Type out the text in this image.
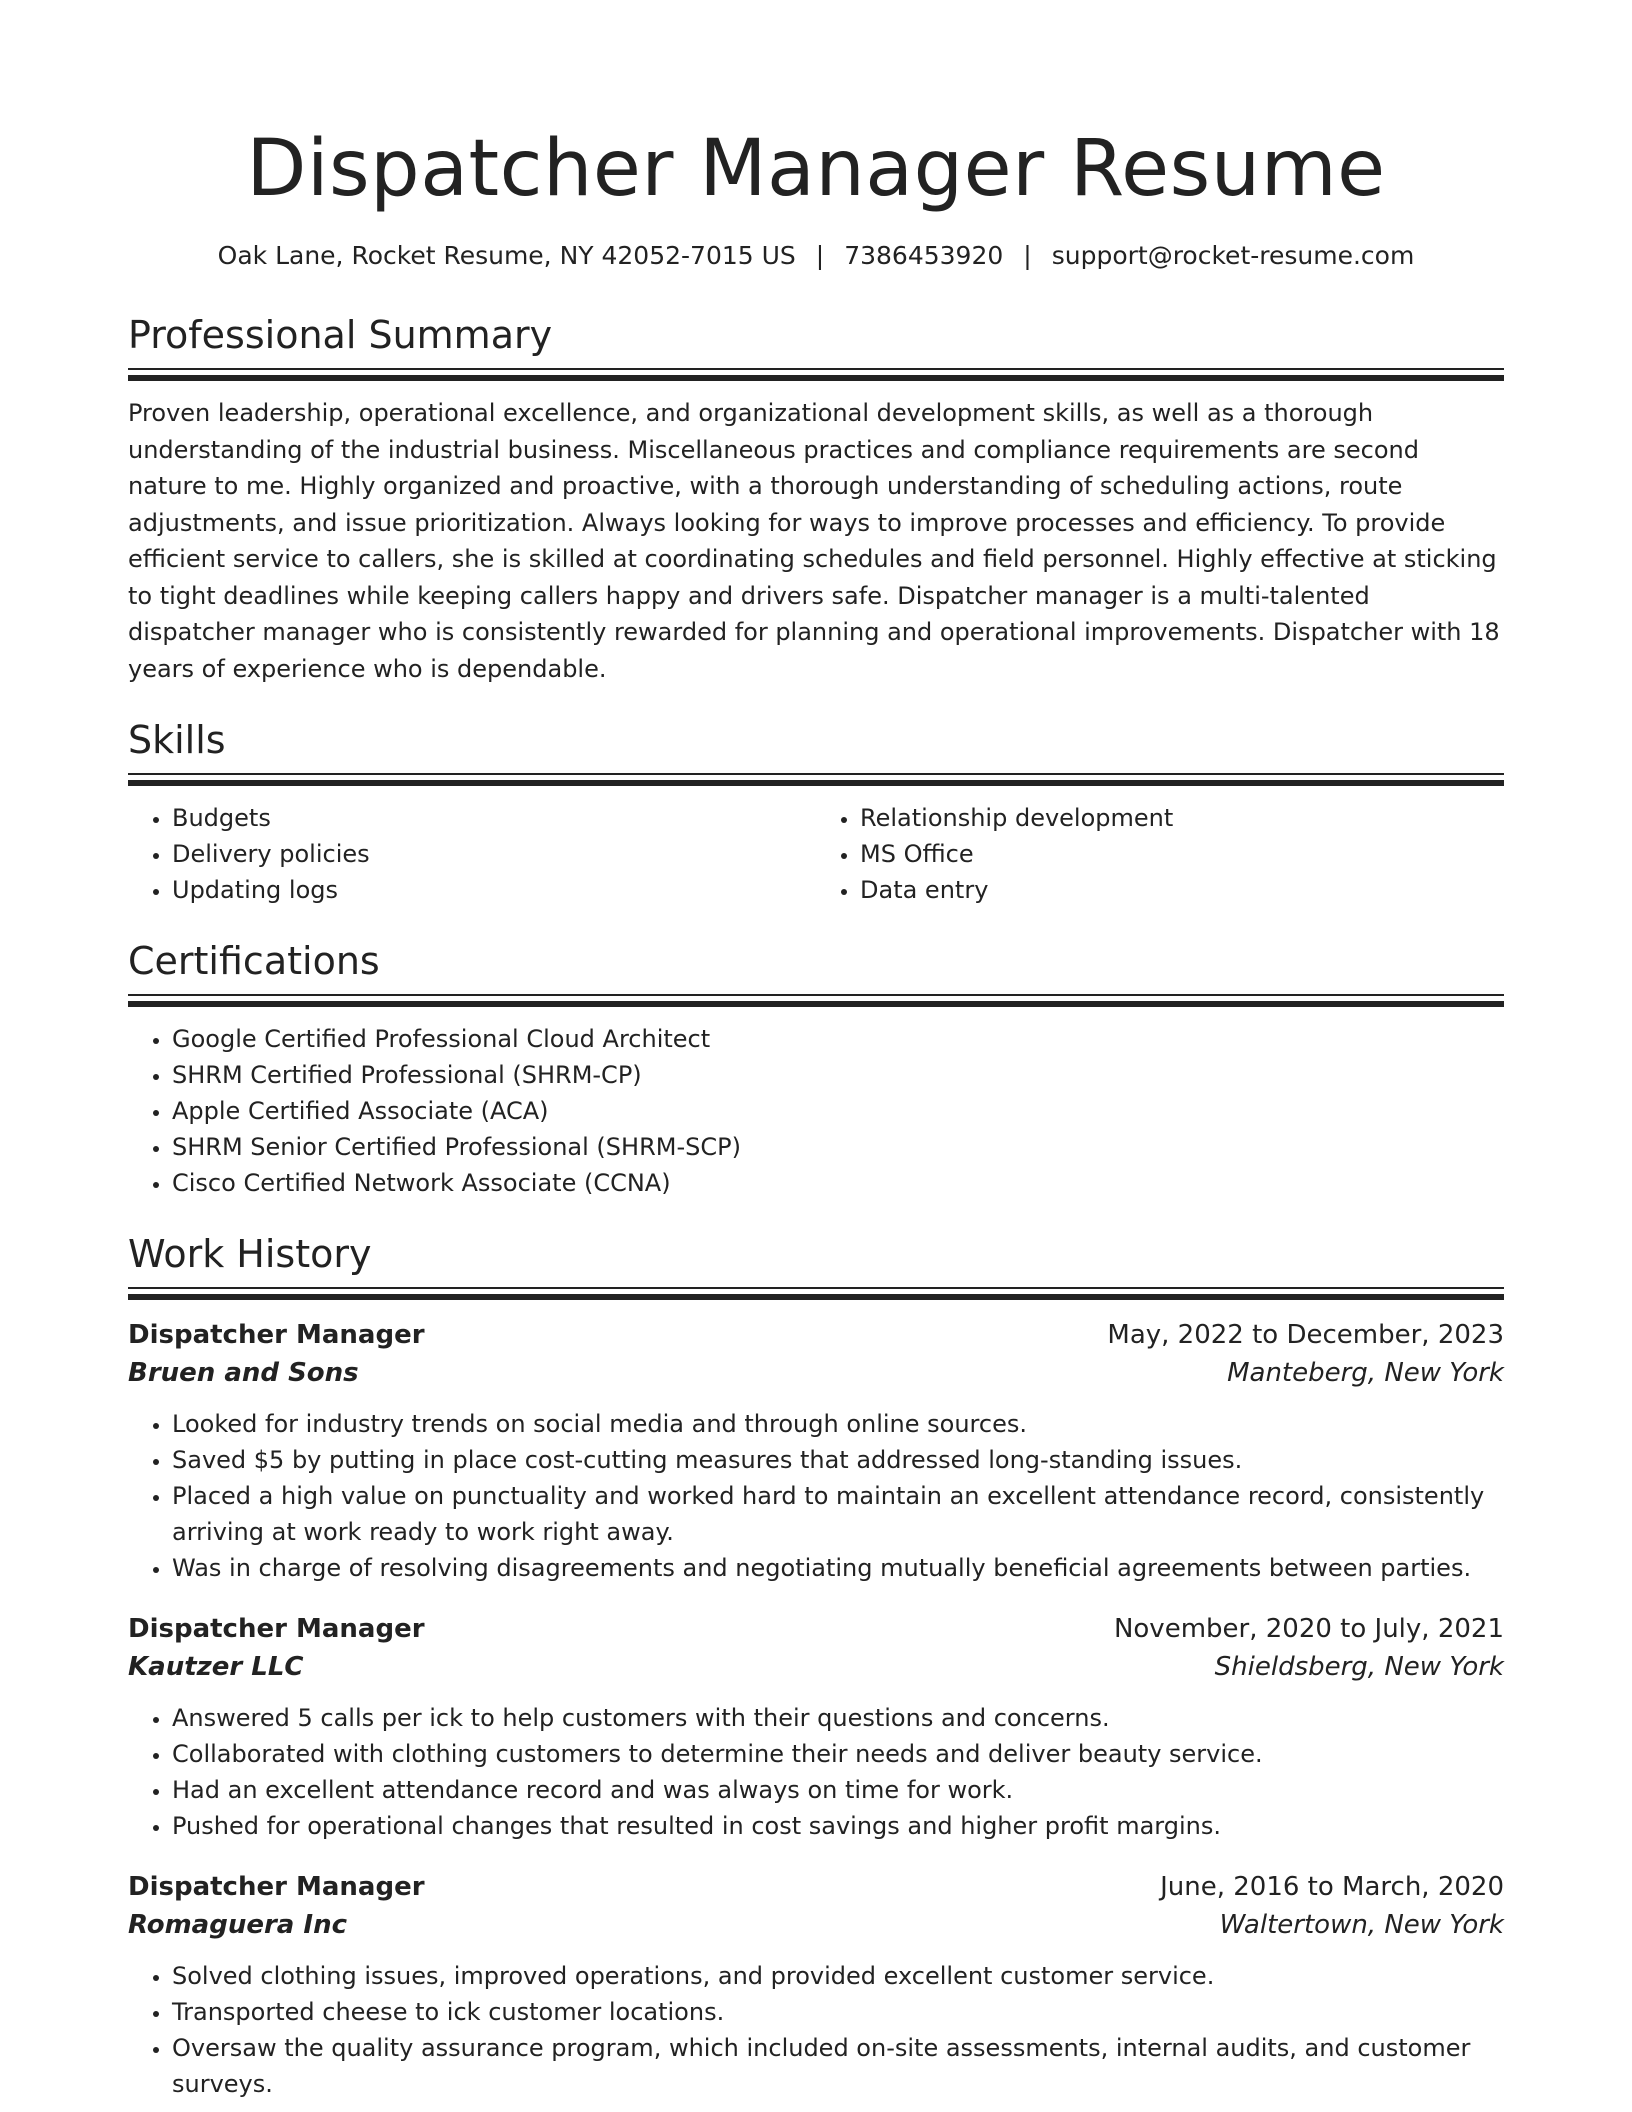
Dispatcher Manager Resume
Oak Lane, Rocket Resume, NY 42052-7015 US | 7386453920 | support@rocket-resume.com
Professional Summary
Proven leadership, operational excellence, and organizational development skills, as well as a thorough understanding of the industrial business. Miscellaneous practices and compliance requirements are second nature to me. Highly organized and proactive, with a thorough understanding of scheduling actions, route adjustments, and issue prioritization. Always looking for ways to improve processes and efficiency. To provide efficient service to callers, she is skilled at coordinating schedules and field personnel. Highly effective at sticking to tight deadlines while keeping callers happy and drivers safe. Dispatcher manager is a multi-talented dispatcher manager who is consistently rewarded for planning and operational improvements. Dispatcher with 18 years of experience who is dependable.
Skills
• Budgets
• Delivery policies
• Updating logs
• Relationship development
• MS Office
• Data entry
Certifications
• Google Certified Professional Cloud Architect
• SHRM Certified Professional (SHRM-CP)
• Apple Certified Associate (ACA)
• SHRM Senior Certified Professional (SHRM-SCP)
• Cisco Certified Network Associate (CCNA)
Work History
Dispatcher Manager	May, 2022 to December, 2023
Bruen and Sons	Manteberg, New York
• Looked for industry trends on social media and through online sources.
• Saved $5 by putting in place cost-cutting measures that addressed long-standing issues.
• Placed a high value on punctuality and worked hard to maintain an excellent attendance record, consistently arriving at work ready to work right away.
• Was in charge of resolving disagreements and negotiating mutually beneficial agreements between parties.
Dispatcher Manager	November, 2020 to July, 2021
Kautzer LLC	Shieldsberg, New York
• Answered 5 calls per ick to help customers with their questions and concerns.
• Collaborated with clothing customers to determine their needs and deliver beauty service.
• Had an excellent attendance record and was always on time for work.
• Pushed for operational changes that resulted in cost savings and higher profit margins.
Dispatcher Manager	June, 2016 to March, 2020
Romaguera Inc	Waltertown, New York
• Solved clothing issues, improved operations, and provided excellent customer service.
• Transported cheese to ick customer locations.
• Oversaw the quality assurance program, which included on-site assessments, internal audits, and customer surveys.
